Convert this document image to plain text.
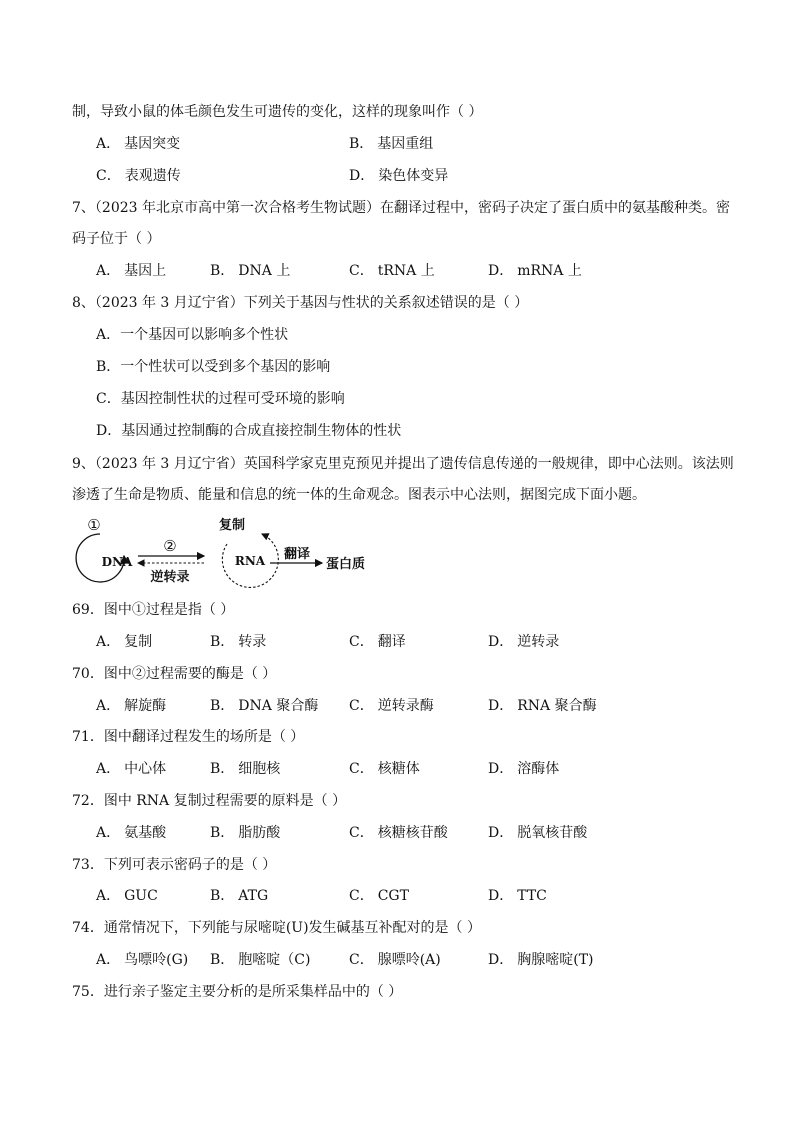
制，导致小鼠的体毛颜色发生可遗传的变化，这样的现象叫作（ ）
A． 基因突变	B． 基因重组
C． 表观遗传	D． 染色体变异
7、（2023 年北京市高中第一次合格考生物试题）在翻译过程中，密码子决定了蛋白质中的氨基酸种类。密
码子位于（ ）
A． 基因上	B． DNA 上	C． tRNA 上	D． mRNA 上
8、（2023 年 3 月辽宁省）下列关于基因与性状的关系叙述错误的是（ ）
A．一个基因可以影响多个性状
B．一个性状可以受到多个基因的影响
C．基因控制性状的过程可受环境的影响
D．基因通过控制酶的合成直接控制生物体的性状
9、（2023 年 3 月辽宁省）英国科学家克里克预见并提出了遗传信息传递的一般规律，即中心法则。该法则
渗透了生命是物质、能量和信息的统一体的生命观念。图表示中心法则，据图完成下面小题。
①
DNA
②
逆转录
复制
RNA 翻译
蛋白质
69．图中①过程是指（ ）
A． 复制	B． 转录	C． 翻译	D． 逆转录
70．图中②过程需要的酶是（ ）
A． 解旋酶	B． DNA 聚合酶 C． 逆转录酶	D． RNA 聚合酶
71．图中翻译过程发生的场所是（ ）
A． 中心体	B． 细胞核	C． 核糖体	D． 溶酶体
72．图中 RNA 复制过程需要的原料是（ ）
A． 氨基酸	B． 脂肪酸	C． 核糖核苷酸	D． 脱氧核苷酸
73．下列可表示密码子的是（ ）
A． GUC	B． ATG	C． CGT	D． TTC
74．通常情况下，下列能与尿嘧啶(U)发生碱基互补配对的是（ ）
A． 鸟嘌呤(G) B． 胞嘧啶（C)	C． 腺嘌呤(A)	D． 胸腺嘧啶(T)
75．进行亲子鉴定主要分析的是所采集样品中的（ ）
